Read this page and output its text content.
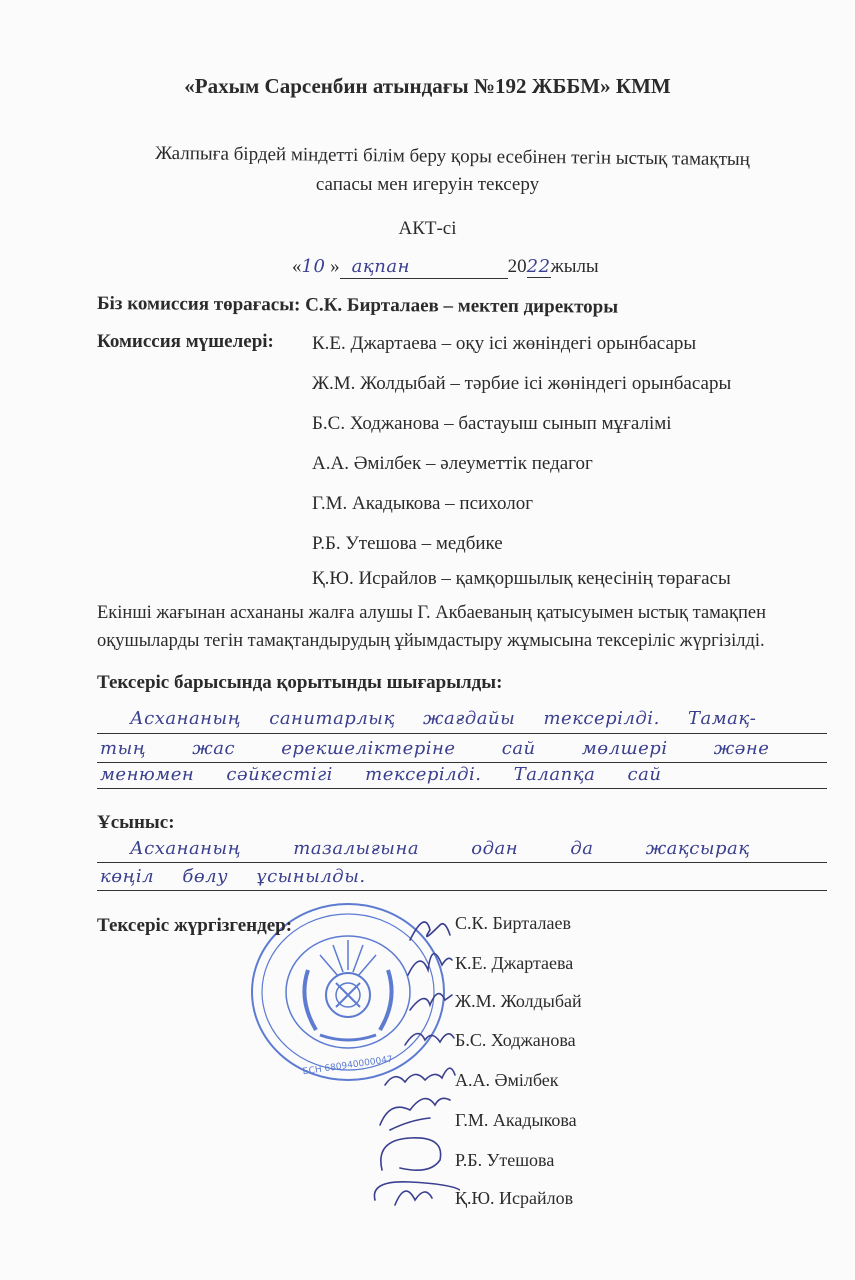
«Рахым Сарсенбин атындағы №192 ЖББМ» КММ
Жалпыға бірдей міндетті білім беру қоры есебінен тегін ыстық тамақтың
сапасы мен игеруін тексеру
АКТ-сі
«10 » ақпан	2022жылы
Біз комиссия төрағасы: С.К. Бирталаев – мектеп директоры
Комиссия мүшелері: К.Е. Джартаева – оқу ісі жөніндегі орынбасары
Ж.М. Жолдыбай – тәрбие ісі жөніндегі орынбасары
Б.С. Ходжанова – бастауыш сынып мұғалімі
А.А. Әмілбек – әлеуметтік педагог
Г.М. Акадыкова – психолог
Р.Б. Утешова – медбике
Қ.Ю. Исрайлов – қамқоршылық кеңесінің төрағасы
Екінші жағынан асхананы жалға алушы Г. Акбаеваның қатысуымен ыстық тамақпен
оқушыларды тегін тамақтандырудың ұйымдастыру жұмысына тексеріліс жүргізілді.
Тексеріс барысында қорытынды шығарылды:
Асхананың санитарлық жағдайы тексерілді. Тамақ-
тың жас ерекшеліктеріне сай мөлшері және
менюмен сәйкестігі тексерілді. Талапқа сай
Ұсыныс:
Асхананың тазалығына одан да жақсырақ
көңіл бөлу ұсынылды.
БСН 680940000047
Тексеріс жүргізгендер:	С.К. Бирталаев
К.Е. Джартаева
Ж.М. Жолдыбай
Б.С. Ходжанова
А.А. Әмілбек
Г.М. Акадыкова
Р.Б. Утешова
Қ.Ю. Исрайлов
